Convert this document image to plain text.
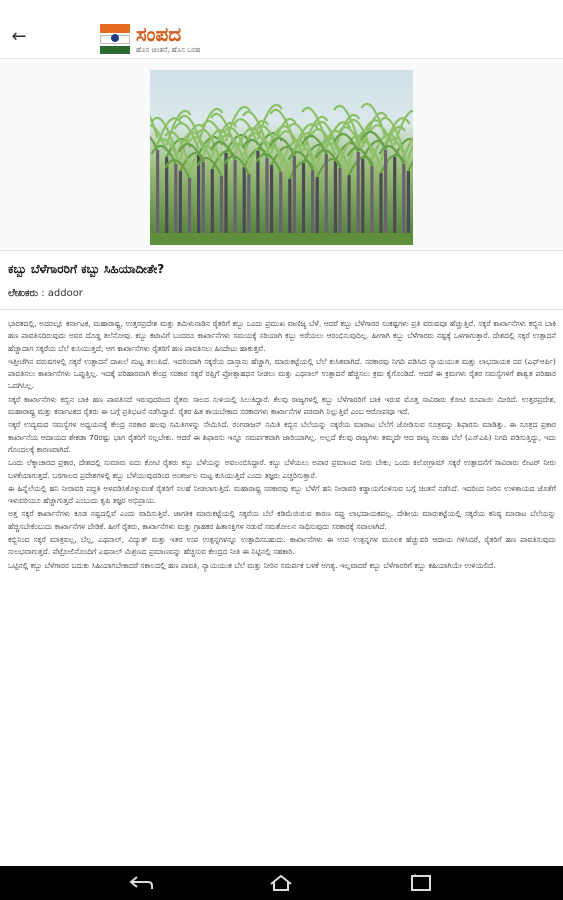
←	ಸಂಪದ
ಹೊಸ ಚಿಂತನೆ, ಹೊಸ ಬರಹ
ಕಬ್ಬು ಬೆಳೆಗಾರರಿಗೆ ಕಬ್ಬು ಸಿಹಿಯಾದೀತೇ?
ಲೇಖಕರು : addoor

ಭಾರತದಲ್ಲಿ, ಅದರಲ್ಲೂ ಕರ್ನಾಟಕ, ಮಹಾರಾಷ್ಟ್ರ, ಉತ್ತರಪ್ರದೇಶ ಮತ್ತು ತಮಿಳುನಾಡಿನ ರೈತರಿಗೆ ಕಬ್ಬು ಒಂದು ಪ್ರಮುಖ ವಾಣಿಜ್ಯ ಬೆಳೆ. ಆದರೆ ಕಬ್ಬು ಬೆಳೆಗಾರರ ಸಂಕಷ್ಟಗಳು ಪ್ರತಿ ವರುಷವೂ ಹೆಚ್ಚುತ್ತಿವೆ. ಸಕ್ಕರೆ ಕಾರ್ಖಾನೆಗಳು ಕಬ್ಬಿನ ಬಾಕಿ ಹಣ ಪಾವತಿಸದಿರುವುದು ಅವರ ದೊಡ್ಡ ತಲೆನೋವು. ಕಬ್ಬು ಕಟಾವಿಗೆ ಬಂದರೂ ಕಾರ್ಖಾನೆಗಳು ಸಮಯಕ್ಕೆ ಸರಿಯಾಗಿ ಕಬ್ಬು ಅರೆಯಲು ಆರಂಭಿಸುವುದಿಲ್ಲ. ಹೀಗಾಗಿ ಕಬ್ಬು ಬೆಳೆಗಾರರು ನಷ್ಟಕ್ಕೆ ಒಳಗಾಗುತ್ತಾರೆ. ದೇಶದಲ್ಲಿ ಸಕ್ಕರೆ ಉತ್ಪಾದನೆ ಹೆಚ್ಚಾದಾಗ ಸಕ್ಕರೆಯ ಬೆಲೆ ಕುಸಿಯುತ್ತದೆ; ಆಗ ಕಾರ್ಖಾನೆಗಳು ರೈತರಿಗೆ ಹಣ ಪಾವತಿಸಲು ಹಿಂದೇಟು ಹಾಕುತ್ತವೆ.

ಇತ್ತೀಚೆಗಿನ ವರುಷಗಳಲ್ಲಿ ಸಕ್ಕರೆ ಉತ್ಪಾದನೆ ದಾಖಲೆ ಮಟ್ಟ ತಲುಪಿದೆ. ಇದರಿಂದಾಗಿ ಸಕ್ಕರೆಯ ದಾಸ್ತಾನು ಹೆಚ್ಚಾಗಿ, ಮಾರುಕಟ್ಟೆಯಲ್ಲಿ ಬೆಲೆ ಕುಸಿತವಾಗಿದೆ. ಸರಕಾರವು ನಿಗದಿ ಪಡಿಸಿದ ನ್ಯಾಯಯುತ ಮತ್ತು ಲಾಭದಾಯಕ ದರ (ಎಫ್ಆರ್ಪಿ) ಪಾವತಿಸಲು ಕಾರ್ಖಾನೆಗಳು ಒಪ್ಪುತ್ತಿಲ್ಲ. ಇದಕ್ಕೆ ಪರಿಹಾರವಾಗಿ ಕೇಂದ್ರ ಸರಕಾರ ಸಕ್ಕರೆ ರಫ್ತಿಗೆ ಪ್ರೋತ್ಸಾಹಧನ ನೀಡಲು ಮತ್ತು ಎಥನಾಲ್ ಉತ್ಪಾದನೆ ಹೆಚ್ಚಿಸಲು ಕ್ರಮ ಕೈಗೊಂಡಿದೆ. ಆದರೆ ಈ ಕ್ರಮಗಳು ರೈತರ ಸಮಸ್ಯೆಗಳಿಗೆ ಶಾಶ್ವತ ಪರಿಹಾರ ಒದಗಿಸಿಲ್ಲ.

ಸಕ್ಕರೆ ಕಾರ್ಖಾನೆಗಳು ಕಬ್ಬಿನ ಬಾಕಿ ಹಣ ಪಾವತಿಸದೆ ಇರುವುದರಿಂದ ರೈತರು ಸಾಲದ ಸುಳಿಯಲ್ಲಿ ಸಿಲುಕಿದ್ದಾರೆ. ಕೆಲವು ರಾಜ್ಯಗಳಲ್ಲಿ ಕಬ್ಬು ಬೆಳೆಗಾರರಿಗೆ ಬಾಕಿ ಇರುವ ಮೊತ್ತ ಸಾವಿರಾರು ಕೋಟಿ ರೂಪಾಯಿ ಮೀರಿದೆ. ಉತ್ತರಪ್ರದೇಶ, ಮಹಾರಾಷ್ಟ್ರ ಮತ್ತು ಕರ್ನಾಟಕದ ರೈತರು ಈ ಬಗ್ಗೆ ಪ್ರತಿಭಟನೆ ನಡೆಸಿದ್ದಾರೆ. ರೈತರ ಹಿತ ಕಾಯಬೇಕಾದ ಸರಕಾರಗಳು ಕಾರ್ಖಾನೆಗಳ ಪರವಾಗಿ ನಿಲ್ಲುತ್ತಿವೆ ಎಂಬ ಆರೋಪವೂ ಇದೆ.

ಸಕ್ಕರೆ ಉದ್ಯಮದ ಸಮಸ್ಯೆಗಳ ಅಧ್ಯಯನಕ್ಕೆ ಕೇಂದ್ರ ಸರಕಾರ ಹಲವು ಸಮಿತಿಗಳನ್ನು ನೇಮಿಸಿದೆ. ರಂಗರಾಜನ್ ಸಮಿತಿ ಕಬ್ಬಿನ ಬೆಲೆಯನ್ನು ಸಕ್ಕರೆಯ ಮಾರಾಟ ಬೆಲೆಗೆ ಜೋಡಿಸುವ ಸೂತ್ರವನ್ನು ಶಿಫಾರಸು ಮಾಡಿತ್ತು. ಈ ಸೂತ್ರದ ಪ್ರಕಾರ ಕಾರ್ಖಾನೆಯ ಆದಾಯದ ಶೇಕಡಾ 70ರಷ್ಟು ಭಾಗ ರೈತರಿಗೆ ಸಲ್ಲಬೇಕು. ಆದರೆ ಈ ಶಿಫಾರಸು ಇನ್ನೂ ಸಮರ್ಪಕವಾಗಿ ಜಾರಿಯಾಗಿಲ್ಲ. ಅಲ್ಲದೆ ಕೆಲವು ರಾಜ್ಯಗಳು ತಮ್ಮದೇ ಆದ ರಾಜ್ಯ ಸಲಹಾ ಬೆಲೆ (ಎಸ್ಎಪಿ) ನಿಗದಿ ಪಡಿಸುತ್ತಿದ್ದು, ಇದು ಗೊಂದಲಕ್ಕೆ ಕಾರಣವಾಗಿದೆ.

ಒಂದು ಲೆಕ್ಕಾಚಾರದ ಪ್ರಕಾರ, ದೇಶದಲ್ಲಿ ಸುಮಾರು ಐದು ಕೋಟಿ ರೈತರು ಕಬ್ಬು ಬೆಳೆಯನ್ನು ಅವಲಂಬಿಸಿದ್ದಾರೆ. ಕಬ್ಬು ಬೆಳೆಯಲು ಅಪಾರ ಪ್ರಮಾಣದ ನೀರು ಬೇಕು; ಒಂದು ಕಿಲೋಗ್ರಾಮ್ ಸಕ್ಕರೆ ಉತ್ಪಾದನೆಗೆ ಸಾವಿರಾರು ಲೀಟರ್ ನೀರು ಬಳಕೆಯಾಗುತ್ತದೆ. ಬರಗಾಲದ ಪ್ರದೇಶಗಳಲ್ಲಿ ಕಬ್ಬು ಬೆಳೆಯುವುದರಿಂದ ಅಂತರ್ಜಲ ಮಟ್ಟ ಕುಸಿಯುತ್ತಿದೆ ಎಂದು ತಜ್ಞರು ಎಚ್ಚರಿಸುತ್ತಾರೆ.

ಈ ಹಿನ್ನೆಲೆಯಲ್ಲಿ ಹನಿ ನೀರಾವರಿ ಪದ್ಧತಿ ಅಳವಡಿಸಿಕೊಳ್ಳುವಂತೆ ರೈತರಿಗೆ ಸಲಹೆ ನೀಡಲಾಗುತ್ತಿದೆ. ಮಹಾರಾಷ್ಟ್ರ ಸರಕಾರವು ಕಬ್ಬು ಬೆಳೆಗೆ ಹನಿ ನೀರಾವರಿ ಕಡ್ಡಾಯಗೊಳಿಸುವ ಬಗ್ಗೆ ಚಿಂತನೆ ನಡೆಸಿದೆ. ಇದರಿಂದ ನೀರಿನ ಉಳಿತಾಯದ ಜೊತೆಗೆ ಇಳುವರಿಯೂ ಹೆಚ್ಚಾಗುತ್ತದೆ ಎಂಬುದು ಕೃಷಿ ತಜ್ಞರ ಅಭಿಪ್ರಾಯ.

ಅತ್ತ ಸಕ್ಕರೆ ಕಾರ್ಖಾನೆಗಳು ಕೂಡ ನಷ್ಟದಲ್ಲಿವೆ ಎಂದು ವಾದಿಸುತ್ತಿವೆ. ಜಾಗತಿಕ ಮಾರುಕಟ್ಟೆಯಲ್ಲಿ ಸಕ್ಕರೆಯ ಬೆಲೆ ಕಡಿಮೆಯಿರುವ ಕಾರಣ ರಫ್ತು ಲಾಭದಾಯಕವಲ್ಲ. ದೇಶೀಯ ಮಾರುಕಟ್ಟೆಯಲ್ಲಿ ಸಕ್ಕರೆಯ ಕನಿಷ್ಠ ಮಾರಾಟ ಬೆಲೆಯನ್ನು ಹೆಚ್ಚಿಸಬೇಕೆಂಬುದು ಕಾರ್ಖಾನೆಗಳ ಬೇಡಿಕೆ. ಹೀಗೆ ರೈತರು, ಕಾರ್ಖಾನೆಗಳು ಮತ್ತು ಗ್ರಾಹಕರ ಹಿತಾಸಕ್ತಿಗಳ ನಡುವೆ ಸಮತೋಲನ ಸಾಧಿಸುವುದು ಸರಕಾರಕ್ಕೆ ಸವಾಲಾಗಿದೆ.

ಕಬ್ಬಿನಿಂದ ಸಕ್ಕರೆ ಮಾತ್ರವಲ್ಲ, ಬೆಲ್ಲ, ಎಥನಾಲ್, ವಿದ್ಯುತ್ ಮತ್ತು ಇತರ ಉಪ ಉತ್ಪನ್ನಗಳನ್ನೂ ಉತ್ಪಾದಿಸಬಹುದು. ಕಾರ್ಖಾನೆಗಳು ಈ ಉಪ ಉತ್ಪನ್ನಗಳ ಮೂಲಕ ಹೆಚ್ಚುವರಿ ಆದಾಯ ಗಳಿಸಿದರೆ, ರೈತರಿಗೆ ಹಣ ಪಾವತಿಸುವುದು ಸುಲಭವಾಗುತ್ತದೆ. ಪೆಟ್ರೋಲಿನೊಂದಿಗೆ ಎಥನಾಲ್ ಮಿಶ್ರಣದ ಪ್ರಮಾಣವನ್ನು ಹೆಚ್ಚಿಸುವ ಕೇಂದ್ರದ ನೀತಿ ಈ ನಿಟ್ಟಿನಲ್ಲಿ ಸಹಕಾರಿ.

ಒಟ್ಟಿನಲ್ಲಿ ಕಬ್ಬು ಬೆಳೆಗಾರರ ಬದುಕು ಸಿಹಿಯಾಗಬೇಕಾದರೆ ಸಕಾಲದಲ್ಲಿ ಹಣ ಪಾವತಿ, ನ್ಯಾಯಯುತ ಬೆಲೆ ಮತ್ತು ನೀರಿನ ಸಮರ್ಪಕ ಬಳಕೆ ಅಗತ್ಯ. ಇಲ್ಲವಾದರೆ ಕಬ್ಬು ಬೆಳೆಗಾರರಿಗೆ ಕಬ್ಬು ಕಹಿಯಾಗಿಯೇ ಉಳಿಯಲಿದೆ.
